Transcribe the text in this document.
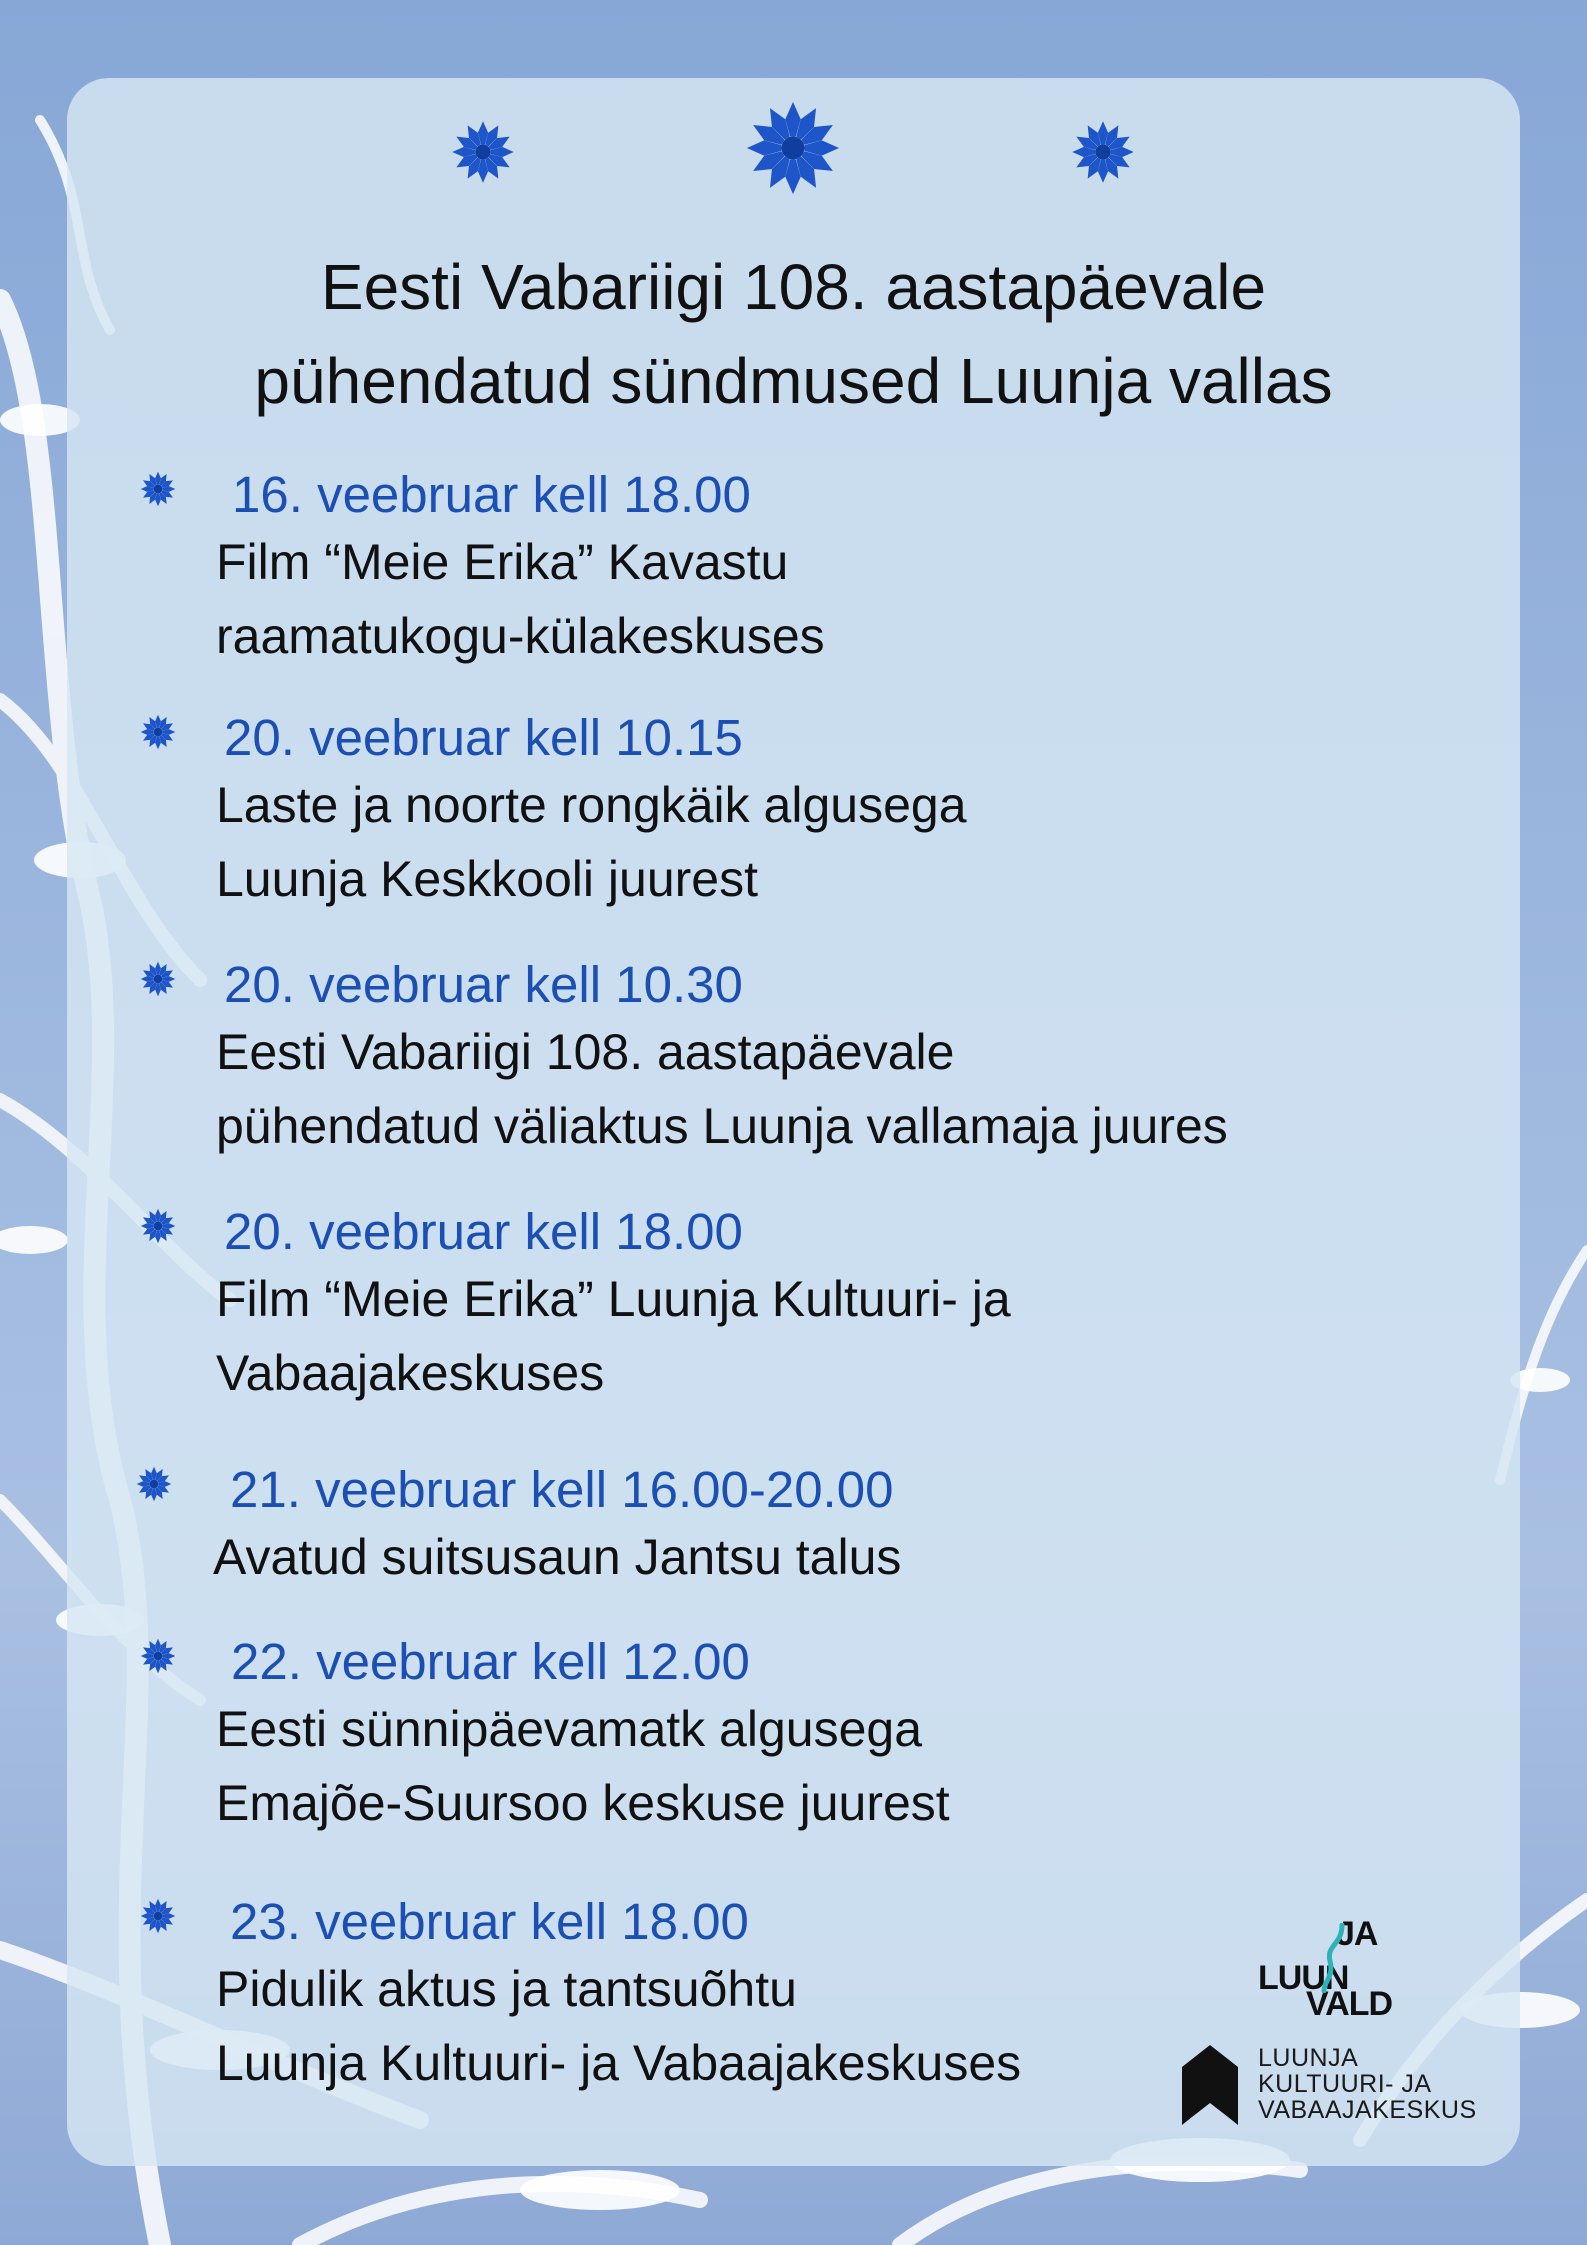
Eesti Vabariigi 108. aastapäevale
pühendatud sündmused Luunja vallas
16. veebruar kell 18.00
Film “Meie Erika” Kavastu
raamatukogu-külakeskuses
20. veebruar kell 10.15
Laste ja noorte rongkäik algusega
Luunja Keskkooli juurest
20. veebruar kell 10.30
Eesti Vabariigi 108. aastapäevale
pühendatud väliaktus Luunja vallamaja juures
20. veebruar kell 18.00
Film “Meie Erika” Luunja Kultuuri- ja
Vabaajakeskuses
21. veebruar kell 16.00-20.00
Avatud suitsusaun Jantsu talus
22. veebruar kell 12.00
Eesti sünnipäevamatk algusega
Emajõe-Suursoo keskuse juurest
23. veebruar kell 18.00
Pidulik aktus ja tantsuõhtu
Luunja Kultuuri- ja Vabaajakeskuses
LUUN
JA
VALD
LUUNJA
KULTUURI- JA
VABAAJAKESKUS
